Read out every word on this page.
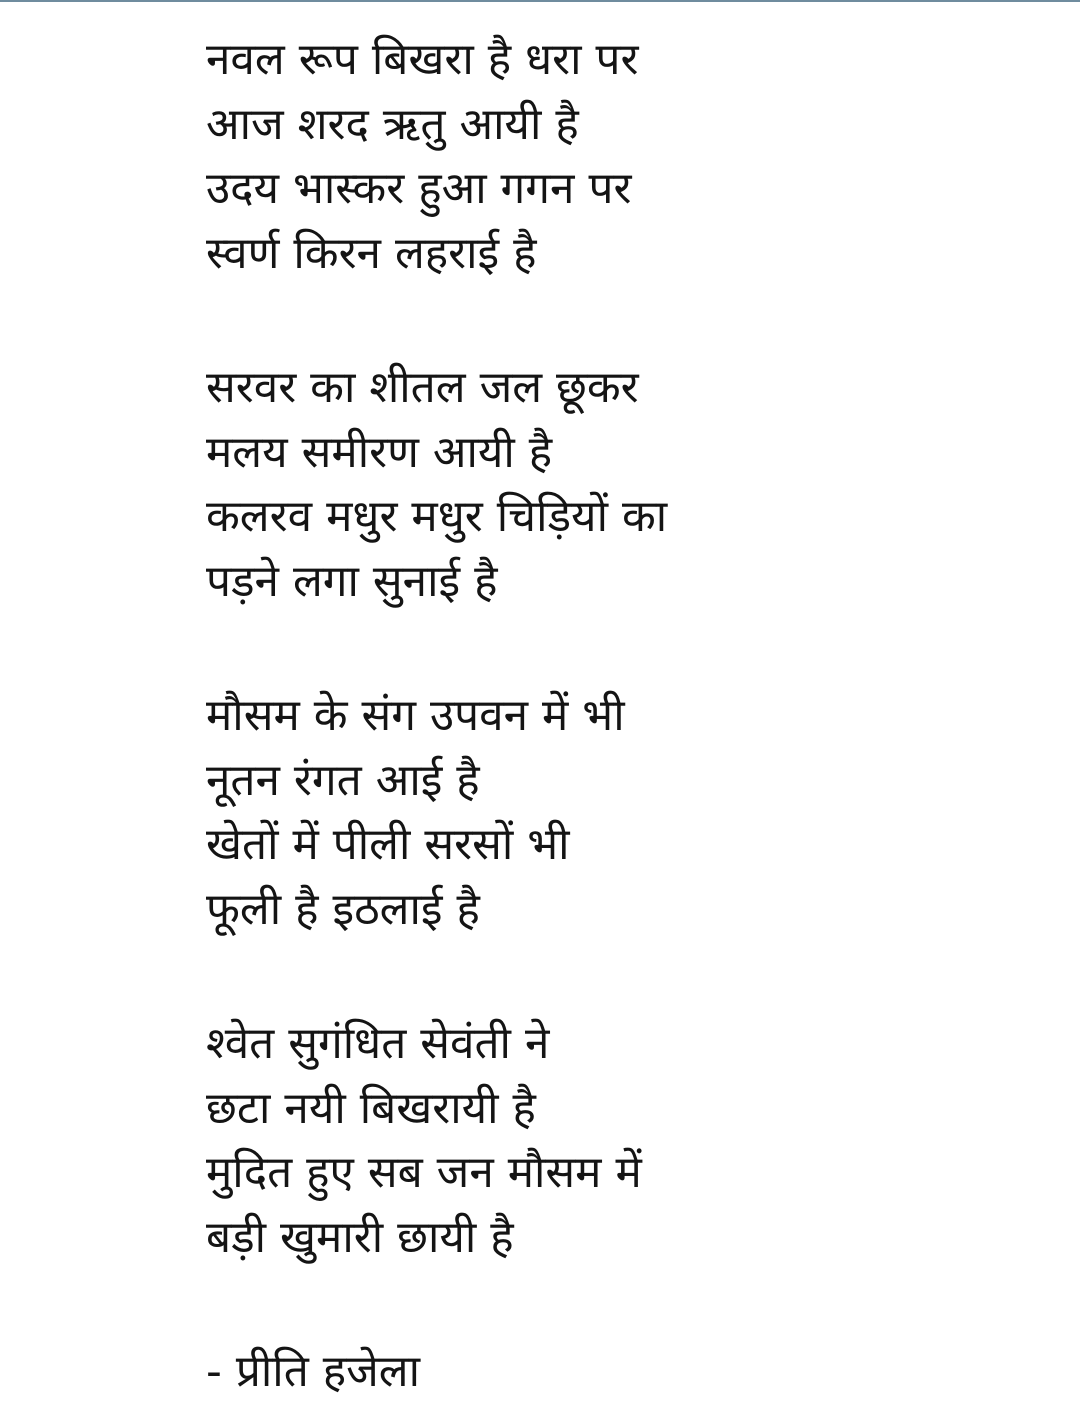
नवल रूप बिखरा है धरा पर
आज शरद ऋतु आयी है
उदय भास्कर हुआ गगन पर
स्वर्ण किरन लहराई है
सरवर का शीतल जल छूकर
मलय समीरण आयी है
कलरव मधुर मधुर चिड़ियों का
पड़ने लगा सुनाई है
मौसम के संग उपवन में भी
नूतन रंगत आई है
खेतों में पीली सरसों भी
फूली है इठलाई है
श्वेत सुगंधित सेवंती ने
छटा नयी बिखरायी है
मुदित हुए सब जन मौसम में
बड़ी खुमारी छायी है
- प्रीति हजेला
